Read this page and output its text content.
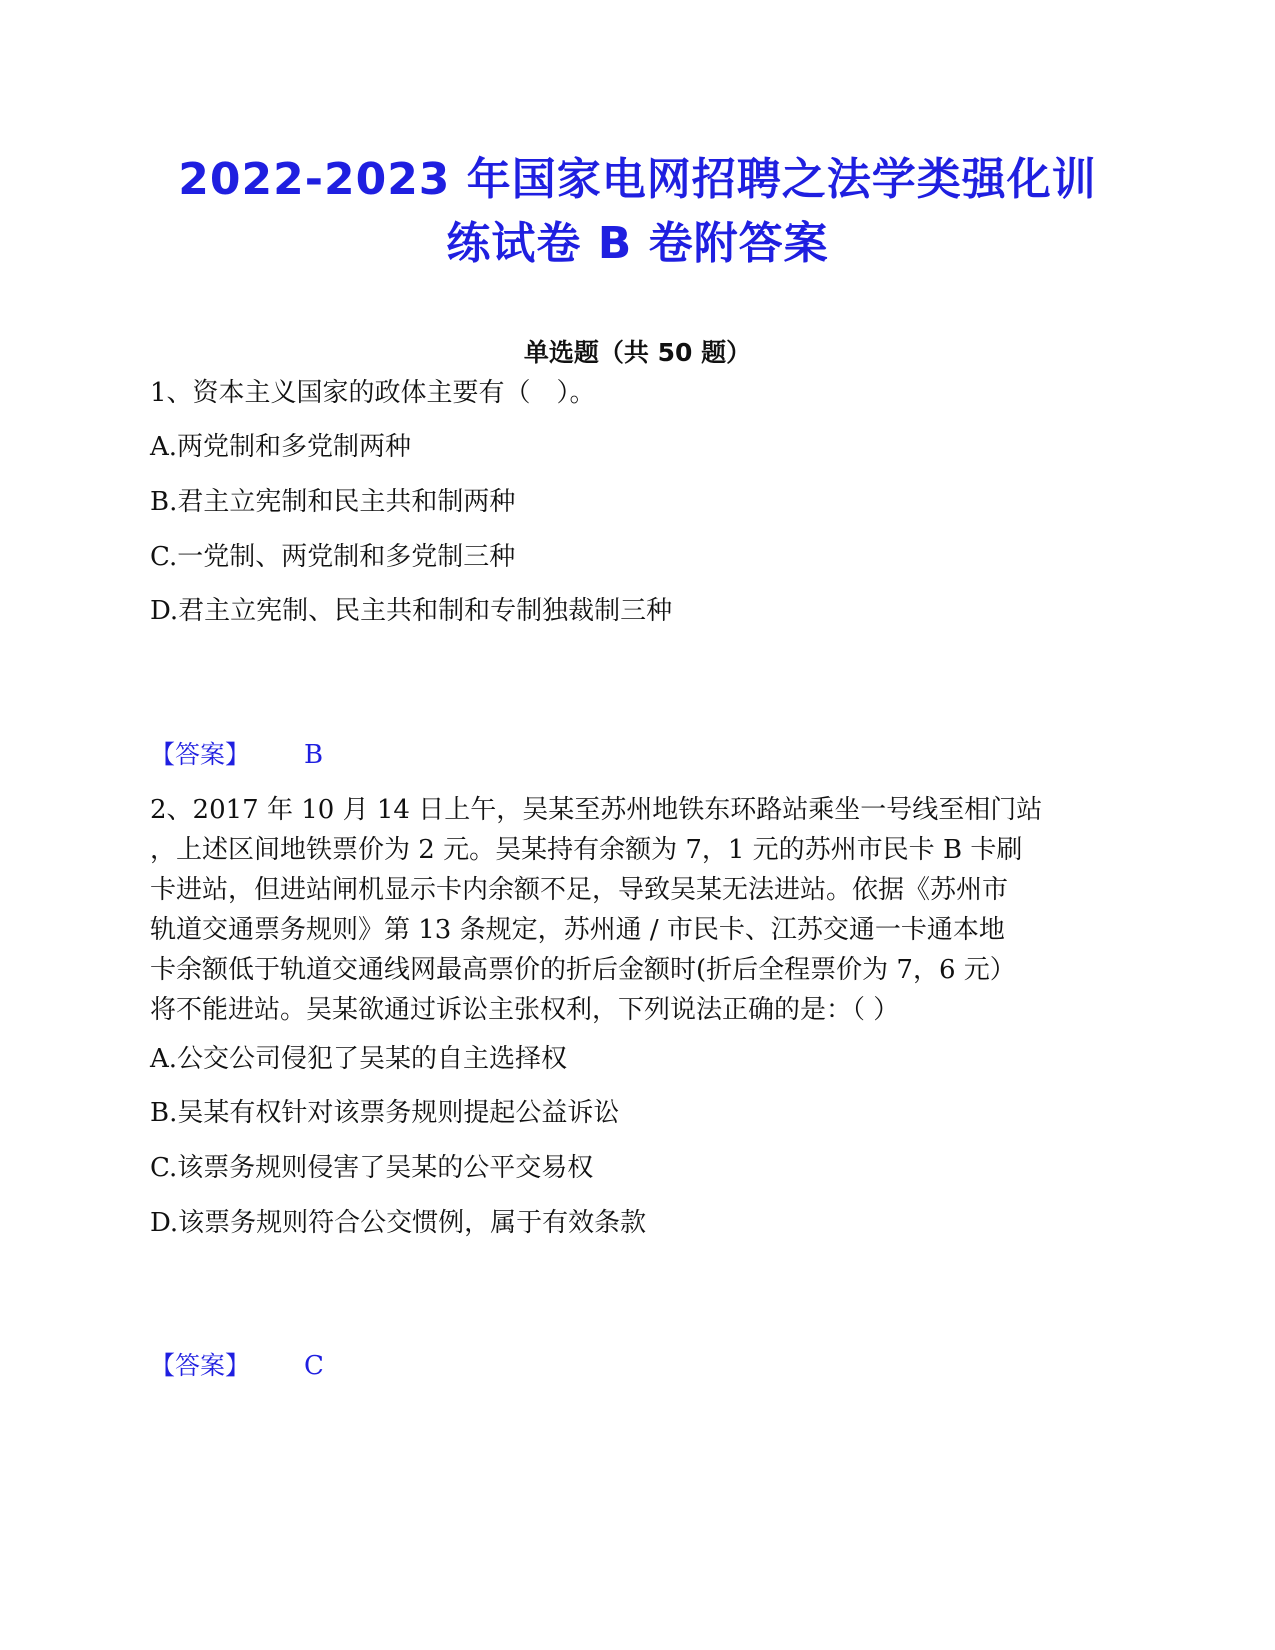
2022-2023 年国家电网招聘之法学类强化训
练试卷 B 卷附答案
单选题（共 50 题）
1、资本主义国家的政体主要有（　）。
A.两党制和多党制两种
B.君主立宪制和民主共和制两种
C.一党制、两党制和多党制三种
D.君主立宪制、民主共和制和专制独裁制三种
【答案】 B
2、2017 年 10 月 14 日上午，吴某至苏州地铁东环路站乘坐一号线至相门站
，上述区间地铁票价为 2 元。吴某持有余额为 7，1 元的苏州市民卡 B 卡刷
卡进站，但进站闸机显示卡内余额不足，导致吴某无法进站。依据《苏州市
轨道交通票务规则》第 13 条规定，苏州通 / 市民卡、江苏交通一卡通本地
卡余额低于轨道交通线网最高票价的折后金额时(折后全程票价为 7，6 元）
将不能进站。吴某欲通过诉讼主张权利，下列说法正确的是：（ ）
A.公交公司侵犯了吴某的自主选择权
B.吴某有权针对该票务规则提起公益诉讼
C.该票务规则侵害了吴某的公平交易权
D.该票务规则符合公交惯例，属于有效条款
【答案】 C
